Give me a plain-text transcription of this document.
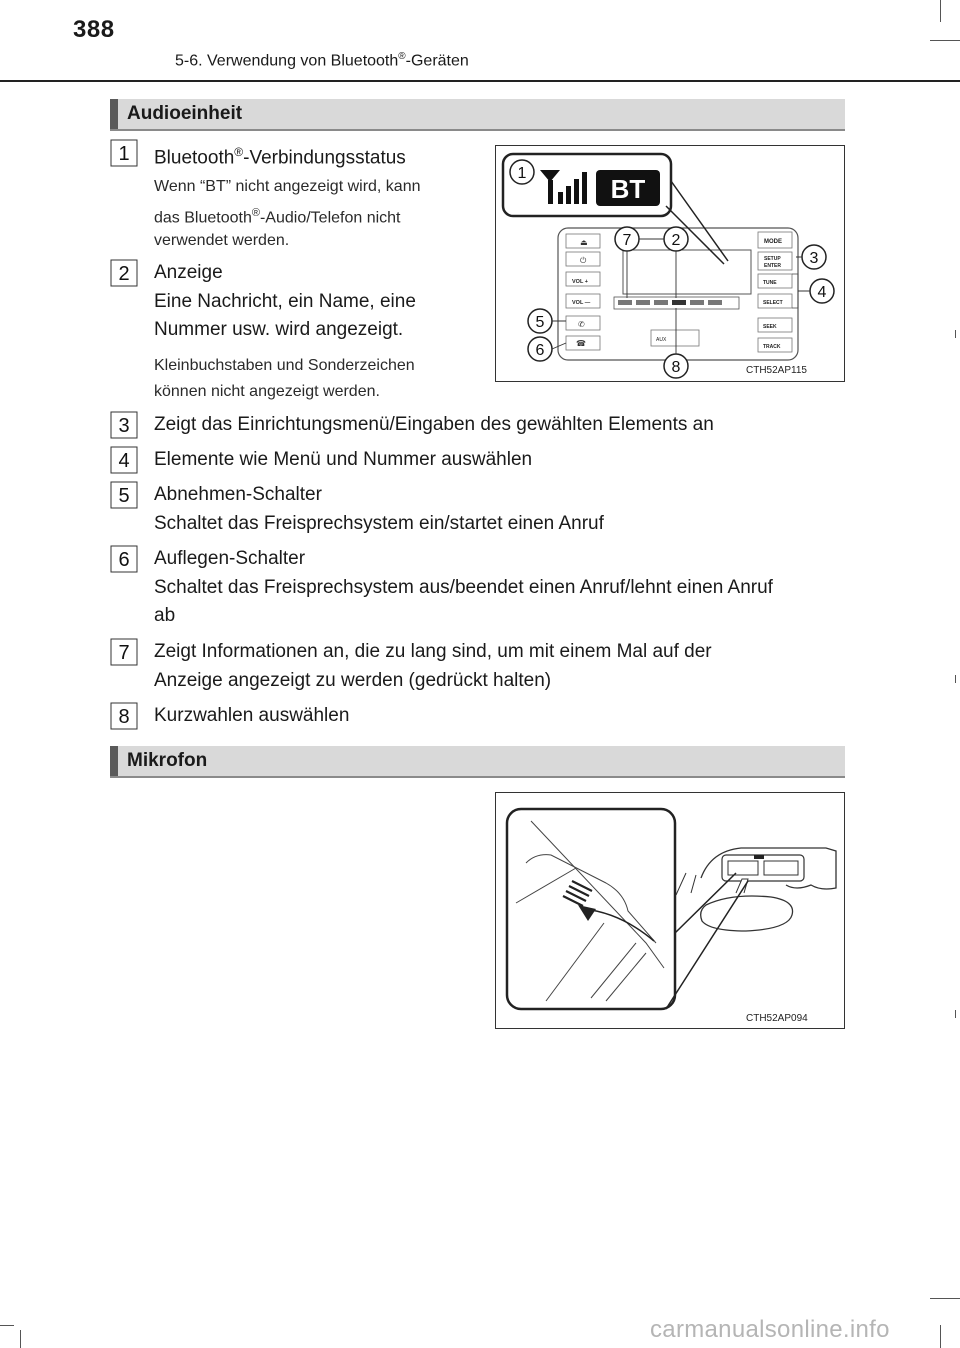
388
5-6. Verwendung von Bluetooth®-Geräten
Audioeinheit
1 Bluetooth®-Verbindungsstatus
Wenn “BT” nicht angezeigt wird, kann
das Bluetooth®-Audio/Telefon nicht
verwendet werden.
2 Anzeige
Eine Nachricht, ein Name, eine
Nummer usw. wird angezeigt.
Kleinbuchstaben und Sonderzeichen
können nicht angezeigt werden.
⏏
⏻
VOL +
VOL —
✆
☎
MODE
SETUP
ENTER
TUNE
SELECT
SEEK
TRACK
AUX
BT
1
7	2
3
4
5
6
8	CTH52AP115
3 Zeigt das Einrichtungsmenü/Eingaben des gewählten Elements an
4 Elemente wie Menü und Nummer auswählen
5 Abnehmen-Schalter
Schaltet das Freisprechsystem ein/startet einen Anruf
6 Auflegen-Schalter
Schaltet das Freisprechsystem aus/beendet einen Anruf/lehnt einen Anruf
ab
7 Zeigt Informationen an, die zu lang sind, um mit einem Mal auf der
Anzeige angezeigt zu werden (gedrückt halten)
8 Kurzwahlen auswählen
Mikrofon
CTH52AP094
carmanualsonline.info
